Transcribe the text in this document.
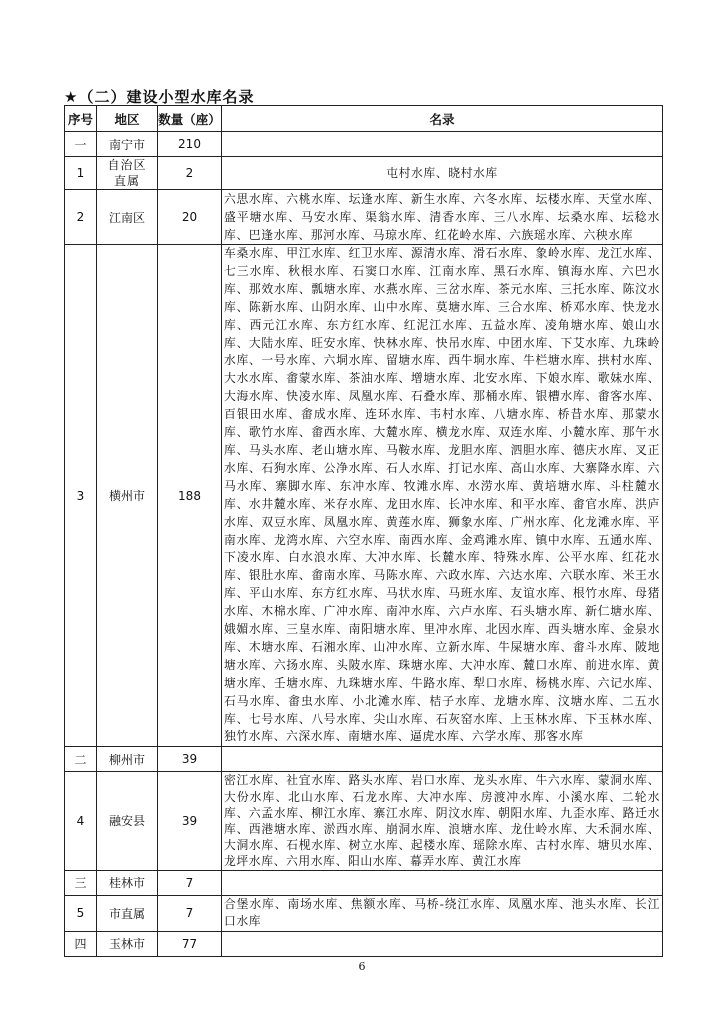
★（二）建设小型水库名录
序号	地区	数量（座）	名录
一	南宁市	210	
1	自治区直属	2	屯村水库、晓村水库
2	江南区	20	六思水库、六桃水库、坛逢水库、新生水库、六冬水库、坛楼水库、天堂水库、盛平塘水库、马安水库、渠翁水库、清香水库、三八水库、坛桑水库、坛稔水库、巴逢水库、那河水库、马琼水库、红花岭水库、六族瑶水库、六秧水库
3	横州市	188	车桑水库、甲江水库、红卫水库、源清水库、滑石水库、象岭水库、龙江水库、七三水库、秋根水库、石窦口水库、江南水库、黑石水库、镇海水库、六巴水库、那效水库、瓢塘水库、水燕水库、三岔水库、茶元水库、三托水库、陈汶水库、陈新水库、山阴水库、山中水库、莫塘水库、三合水库、桥邓水库、快龙水库、西元江水库、东方红水库、红泥江水库、五益水库、凌角塘水库、娘山水库、大陆水库、旺安水库、快林水库、快吊水库、中团水库、下艾水库、九珠岭水库、一号水库、六垌水库、留塘水库、西牛垌水库、牛栏塘水库、拱村水库、大水水库、畬蒙水库、茶油水库、增塘水库、北安水库、下娘水库、歌妹水库、大海水库、快凌水库、凤凰水库、石叠水库、那桶水库、银槽水库、畬客水库、百银田水库、畬成水库、连环水库、韦村水库、八塘水库、桥昔水库、那蒙水库、歌竹水库、畬西水库、大麓水库、横龙水库、双连水库、小麓水库、那午水库、马头水库、老山塘水库、马鞍水库、龙胆水库、泗胆水库、德庆水库、叉正水库、石狗水库、公净水库、石人水库、打记水库、高山水库、大寨降水库、六马水库、寨脚水库、东冲水库、牧滩水库、水涝水库、黄培塘水库、斗柱麓水库、水井麓水库、米存水库、龙田水库、长冲水库、和平水库、畬官水库、洪庐水库、双豆水库、凤凰水库、黄莲水库、狮象水库、广州水库、化龙滩水库、平南水库、龙湾水库、六空水库、南西水库、金鸡滩水库、镇中水库、五通水库、下凌水库、白水浪水库、大冲水库、长麓水库、特殊水库、公平水库、红花水库、银肚水库、畬南水库、马陈水库、六政水库、六达水库、六联水库、米王水库、平山水库、东方红水库、马状水库、马班水库、友谊水库、根竹水库、母猪水库、木棉水库、广冲水库、南冲水库、六卢水库、石头塘水库、新仁塘水库、娥媚水库、三皇水库、南阳塘水库、里冲水库、北因水库、西头塘水库、金泉水库、木塘水库、石湘水库、山冲水库、立新水库、牛屎塘水库、畬斗水库、陂地塘水库、六扬水库、头陂水库、珠塘水库、大冲水库、麓口水库、前进水库、黄塘水库、壬塘水库、九珠塘水库、牛路水库、犁口水库、杨桃水库、六记水库、石马水库、畬虫水库、小北滩水库、桔子水库、龙塘水库、汶塘水库、二五水库、七号水库、八号水库、尖山水库、石灰窑水库、上玉林水库、下玉林水库、独竹水库、六深水库、南塘水库、逼虎水库、六学水库、那客水库
二	柳州市	39	
4	融安县	39	密江水库、社宜水库、路头水库、岩口水库、龙头水库、牛六水库、蒙洞水库、大份水库、北山水库、石龙水库、大冲水库、房渡冲水库、小溪水库、二轮水库、六孟水库、柳江水库、寨江水库、阴汶水库、朝阳水库、九歪水库、路迁水库、西港塘水库、淤西水库、崩洞水库、浪塘水库、龙仕岭水库、大禾洞水库、大洞水库、石枧水库、树立水库、起楼水库、瑶除水库、古村水库、塘贝水库、龙坪水库、六用水库、阳山水库、幕弄水库、黄江水库
三	桂林市	7	
5	市直属	7	合堡水库、南场水库、焦额水库、马桥-绕江水库、凤凰水库、池头水库、长江口水库
四	玉林市	77	
6
